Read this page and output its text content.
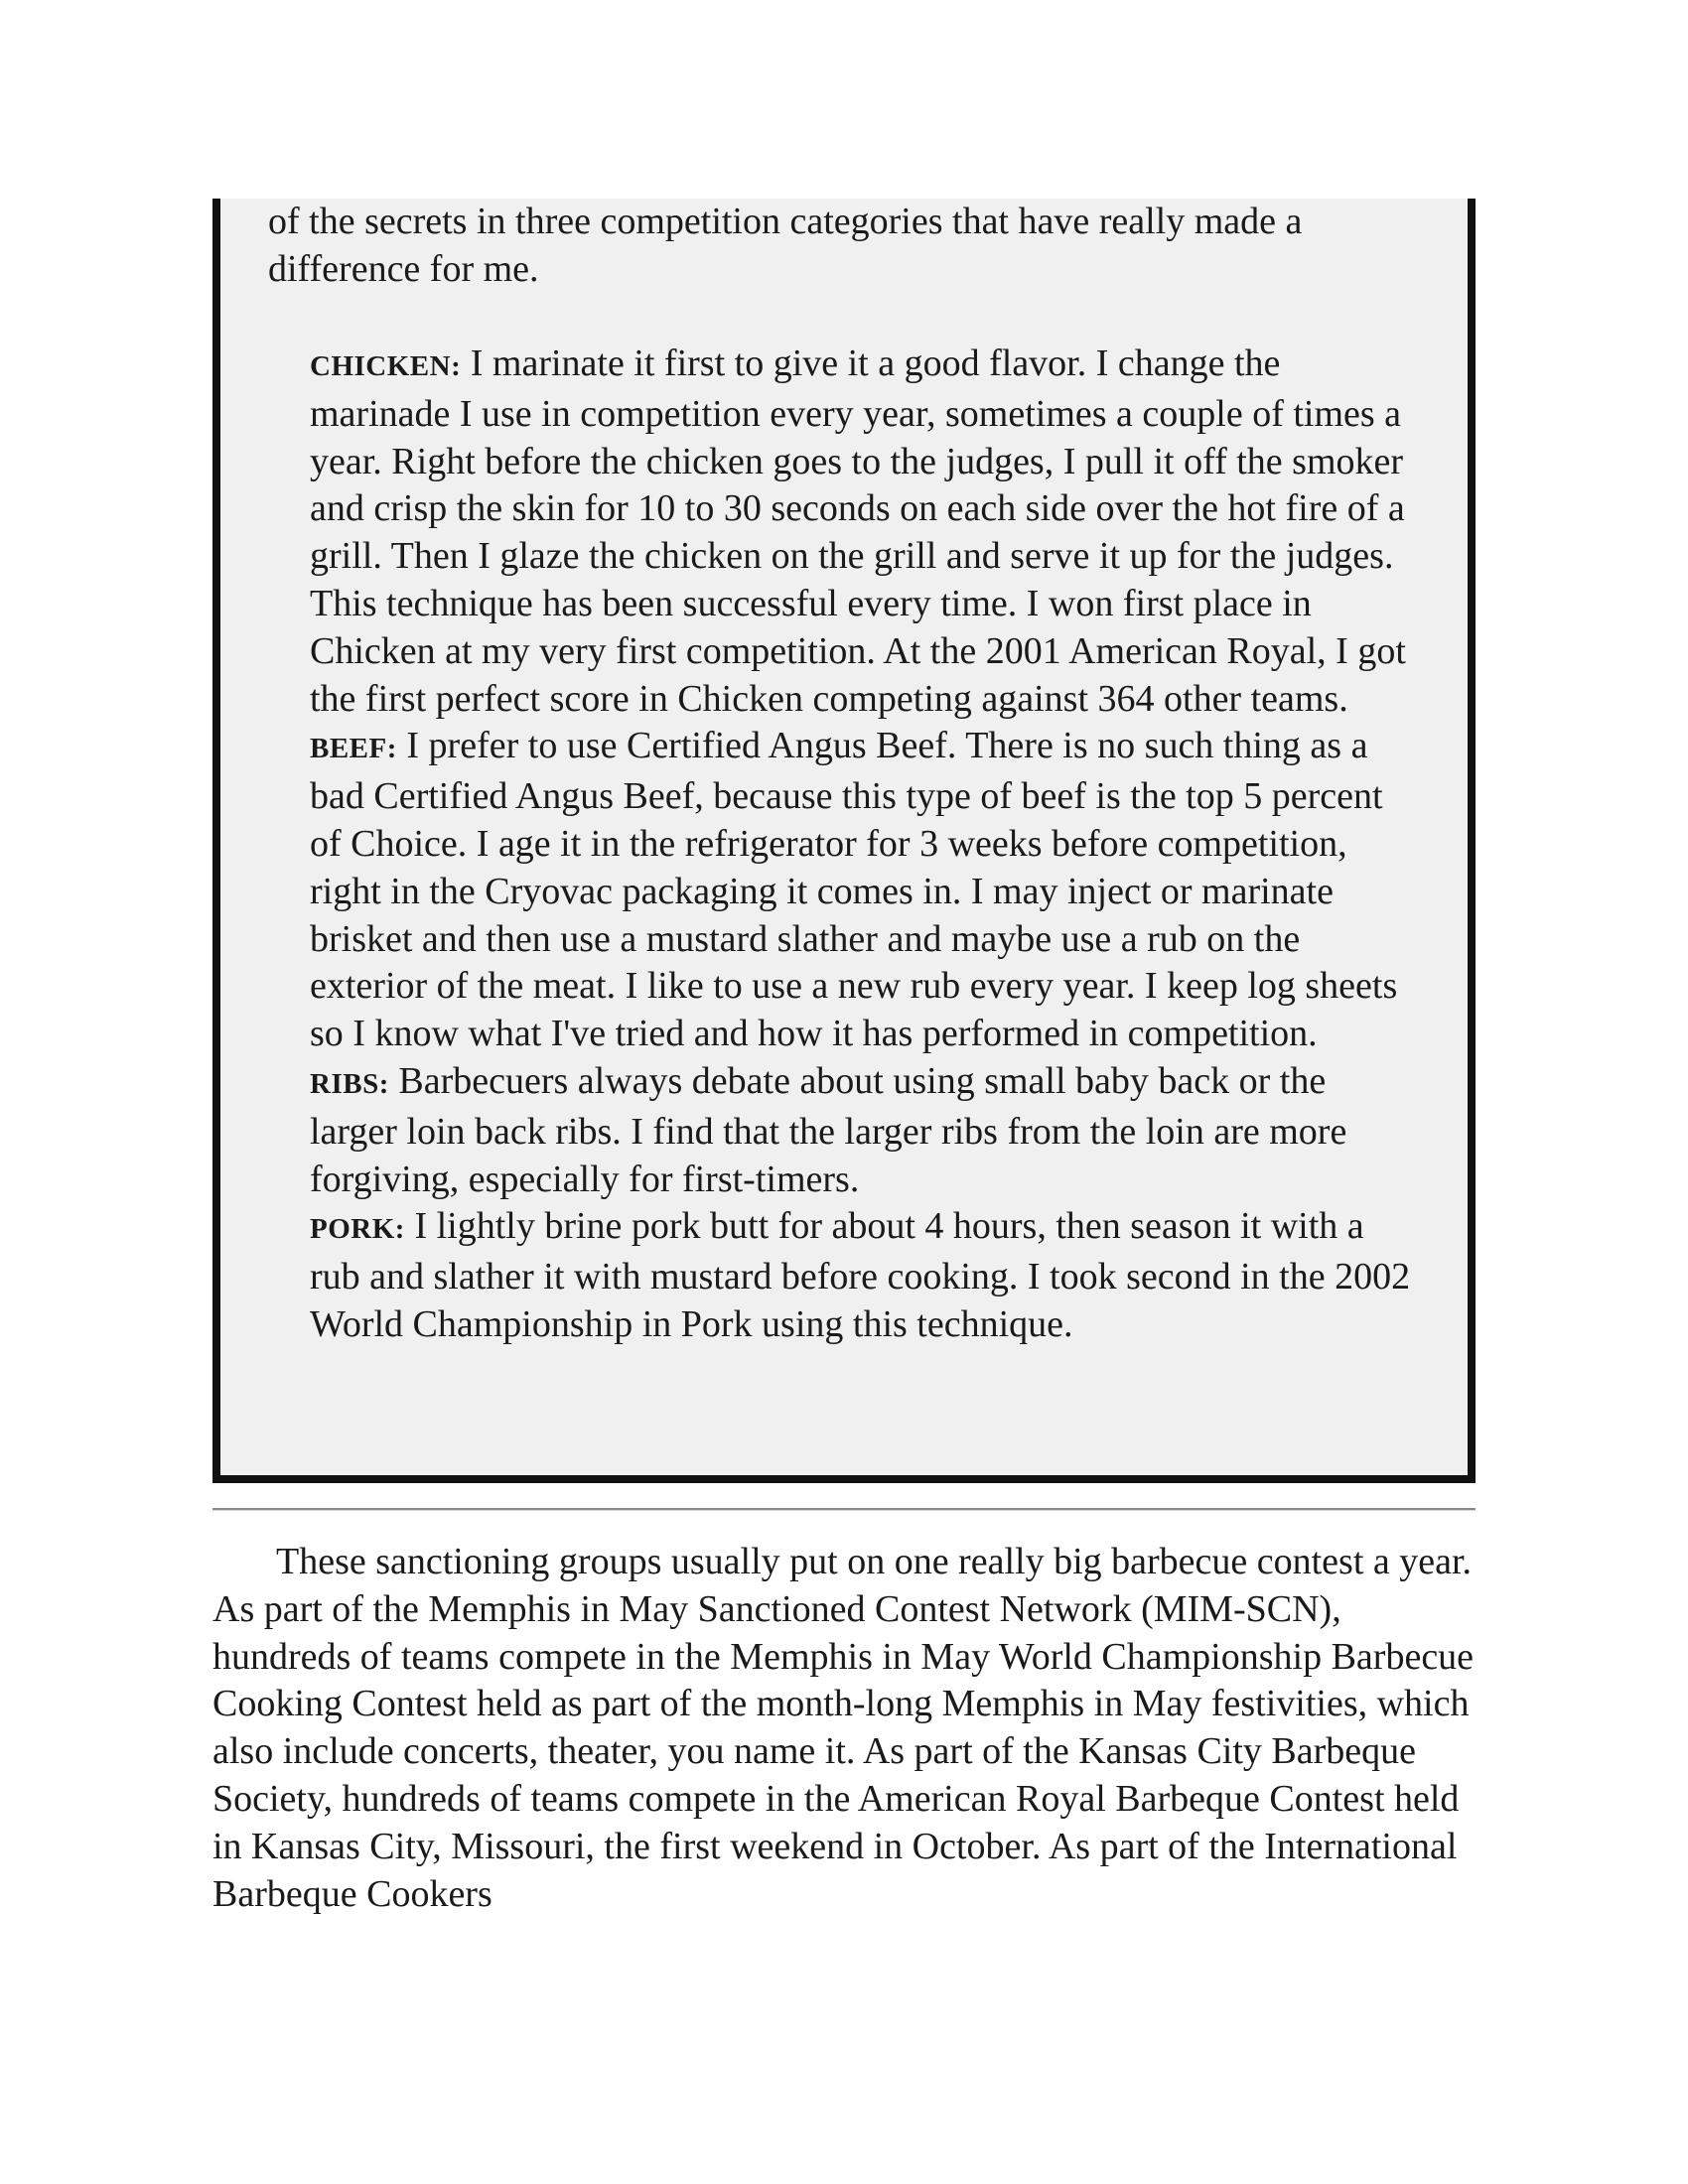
of the secrets in three competition categories that have really made a difference for me.

CHICKEN: I marinate it first to give it a good flavor. I change the marinade I use in competition every year, sometimes a couple of times a year. Right before the chicken goes to the judges, I pull it off the smoker and crisp the skin for 10 to 30 seconds on each side over the hot fire of a grill. Then I glaze the chicken on the grill and serve it up for the judges. This technique has been successful every time. I won first place in Chicken at my very first competition. At the 2001 American Royal, I got the first perfect score in Chicken competing against 364 other teams.

BEEF: I prefer to use Certified Angus Beef. There is no such thing as a bad Certified Angus Beef, because this type of beef is the top 5 percent of Choice. I age it in the refrigerator for 3 weeks before competition, right in the Cryovac packaging it comes in. I may inject or marinate brisket and then use a mustard slather and maybe use a rub on the exterior of the meat. I like to use a new rub every year. I keep log sheets so I know what I've tried and how it has performed in competition.

RIBS: Barbecuers always debate about using small baby back or the larger loin back ribs. I find that the larger ribs from the loin are more forgiving, especially for first-timers.

PORK: I lightly brine pork butt for about 4 hours, then season it with a rub and slather it with mustard before cooking. I took second in the 2002 World Championship in Pork using this technique.

These sanctioning groups usually put on one really big barbecue contest a year. As part of the Memphis in May Sanctioned Contest Network (MIM-SCN), hundreds of teams compete in the Memphis in May World Championship Barbecue Cooking Contest held as part of the month-long Memphis in May festivities, which also include concerts, theater, you name it. As part of the Kansas City Barbeque Society, hundreds of teams compete in the American Royal Barbeque Contest held in Kansas City, Missouri, the first weekend in October. As part of the International Barbeque Cookers
